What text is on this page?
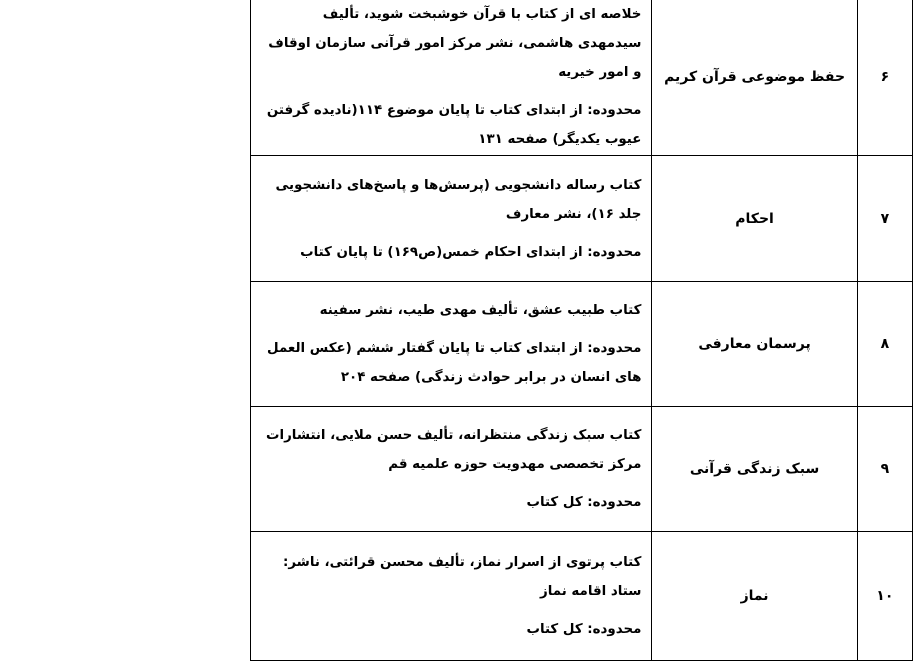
خلاصه ای از کتاب با قرآن خوشبخت شوید، تألیف سیدمهدی هاشمی، نشر مرکز امور قرآنی سازمان اوقاف و امور خیریه

محدوده: از ابتدای کتاب تا پایان موضوع ۱۱۴(نادیده گرفتن عیوب یکدیگر) صفحه ۱۳۱	حفظ موضوعی قرآن کریم	۶

کتاب رساله دانشجویی (پرسش‌ها و پاسخ‌های دانشجویی جلد ۱۶)، نشر معارف

محدوده: از ابتدای احکام خمس(ص۱۶۹) تا پایان کتاب	احکام	۷

کتاب طبیب عشق، تألیف مهدی طیب، نشر سفینه

محدوده: از ابتدای کتاب تا پایان گفتار ششم (عکس العمل های انسان در برابر حوادث زندگی) صفحه ۲۰۴	پرسمان معارفی	۸

کتاب سبک زندگی منتظرانه، تألیف حسن ملایی، انتشارات مرکز تخصصی مهدویت حوزه علمیه قم

محدوده: کل کتاب	سبک زندگی قرآنی	۹

کتاب پرتوی از اسرار نماز، تألیف محسن قرائتی، ناشر: ستاد اقامه نماز

محدوده: کل کتاب	نماز	۱۰
